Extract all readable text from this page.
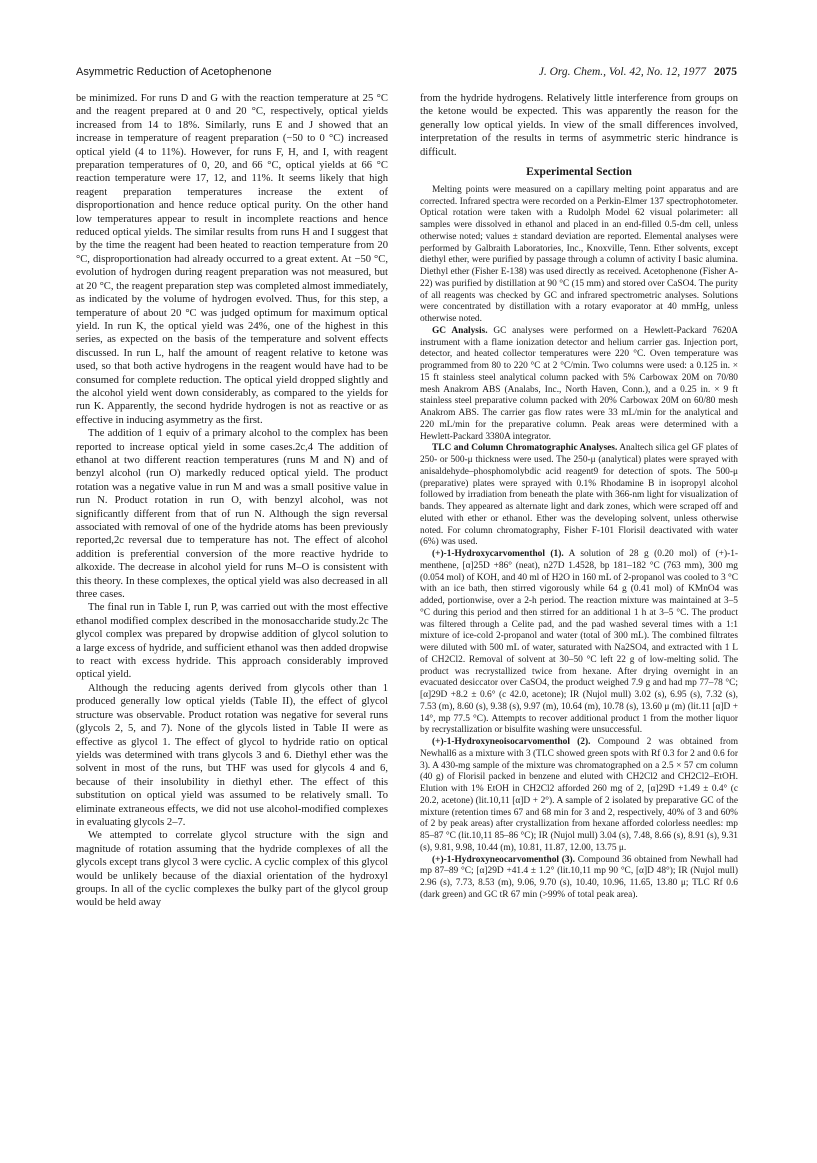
Asymmetric Reduction of Acetophenone	J. Org. Chem., Vol. 42, No. 12, 1977 2075

be minimized. For runs D and G with the reaction temperature at 25 °C and the reagent prepared at 0 and 20 °C, respectively, optical yields increased from 14 to 18%. Similarly, runs E and J showed that an increase in temperature of reagent preparation (−50 to 0 °C) increased optical yield (4 to 11%). However, for runs F, H, and I, with reagent preparation temperatures of 0, 20, and 66 °C, optical yields at 66 °C reaction temperature were 17, 12, and 11%. It seems likely that high reagent preparation temperatures increase the extent of disproportionation and hence reduce optical purity. On the other hand low temperatures appear to result in incomplete reactions and hence reduced optical yields. The similar results from runs H and I suggest that by the time the reagent had been heated to reaction temperature from 20 °C, disproportionation had already occurred to a great extent. At −50 °C, evolution of hydrogen during reagent preparation was not measured, but at 20 °C, the reagent preparation step was completed almost immediately, as indicated by the volume of hydrogen evolved. Thus, for this step, a temperature of about 20 °C was judged optimum for maximum optical yield. In run K, the optical yield was 24%, one of the highest in this series, as expected on the basis of the temperature and solvent effects discussed. In run L, half the amount of reagent relative to ketone was used, so that both active hydrogens in the reagent would have had to be consumed for complete reduction. The optical yield dropped slightly and the alcohol yield went down considerably, as compared to the yields for run K. Apparently, the second hydride hydrogen is not as reactive or as effective in inducing asymmetry as the first.

The addition of 1 equiv of a primary alcohol to the complex has been reported to increase optical yield in some cases.2c,4 The addition of ethanol at two different reaction temperatures (runs M and N) and of benzyl alcohol (run O) markedly reduced optical yield. The product rotation was a negative value in run M and was a small positive value in run N. Product rotation in run O, with benzyl alcohol, was not significantly different from that of run N. Although the sign reversal associated with removal of one of the hydride atoms has been previously reported,2c reversal due to temperature has not. The effect of alcohol addition is preferential conversion of the more reactive hydride to alkoxide. The decrease in alcohol yield for runs M–O is consistent with this theory. In these complexes, the optical yield was also decreased in all three cases.

The final run in Table I, run P, was carried out with the most effective ethanol modified complex described in the monosaccharide study.2c The glycol complex was prepared by dropwise addition of glycol solution to a large excess of hydride, and sufficient ethanol was then added dropwise to react with excess hydride. This approach considerably improved optical yield.

Although the reducing agents derived from glycols other than 1 produced generally low optical yields (Table II), the effect of glycol structure was observable. Product rotation was negative for several runs (glycols 2, 5, and 7). None of the glycols listed in Table II were as effective as glycol 1. The effect of glycol to hydride ratio on optical yields was determined with trans glycols 3 and 6. Diethyl ether was the solvent in most of the runs, but THF was used for glycols 4 and 6, because of their insolubility in diethyl ether. The effect of this substitution on optical yield was assumed to be relatively small. To eliminate extraneous effects, we did not use alcohol-modified complexes in evaluating glycols 2–7.

We attempted to correlate glycol structure with the sign and magnitude of rotation assuming that the hydride complexes of all the glycols except trans glycol 3 were cyclic. A cyclic complex of this glycol would be unlikely because of the diaxial orientation of the hydroxyl groups. In all of the cyclic complexes the bulky part of the glycol group would be held away

from the hydride hydrogens. Relatively little interference from groups on the ketone would be expected. This was apparently the reason for the generally low optical yields. In view of the small differences involved, interpretation of the results in terms of asymmetric steric hindrance is difficult.

Experimental Section

Melting points were measured on a capillary melting point apparatus and are corrected. Infrared spectra were recorded on a Perkin-Elmer 137 spectrophotometer. Optical rotation were taken with a Rudolph Model 62 visual polarimeter: all samples were dissolved in ethanol and placed in an end-filled 0.5-dm cell, unless otherwise noted; values ± standard deviation are reported. Elemental analyses were performed by Galbraith Laboratories, Inc., Knoxville, Tenn. Ether solvents, except diethyl ether, were purified by passage through a column of activity I basic alumina. Diethyl ether (Fisher E-138) was used directly as received. Acetophenone (Fisher A-22) was purified by distillation at 90 °C (15 mm) and stored over CaSO4. The purity of all reagents was checked by GC and infrared spectrometric analyses. Solutions were concentrated by distillation with a rotary evaporator at 40 mmHg, unless otherwise noted.

GC Analysis. GC analyses were performed on a Hewlett-Packard 7620A instrument with a flame ionization detector and helium carrier gas. Injection port, detector, and heated collector temperatures were 220 °C. Oven temperature was programmed from 80 to 220 °C at 2 °C/min. Two columns were used: a 0.125 in. × 15 ft stainless steel analytical column packed with 5% Carbowax 20M on 70/80 mesh Anakrom ABS (Analabs, Inc., North Haven, Conn.), and a 0.25 in. × 9 ft stainless steel preparative column packed with 20% Carbowax 20M on 60/80 mesh Anakrom ABS. The carrier gas flow rates were 33 mL/min for the analytical and 220 mL/min for the preparative column. Peak areas were determined with a Hewlett-Packard 3380A integrator.

TLC and Column Chromatographic Analyses. Analtech silica gel GF plates of 250- or 500-μ thickness were used. The 250-μ (analytical) plates were sprayed with anisaldehyde–phosphomolybdic acid reagent9 for detection of spots. The 500-μ (preparative) plates were sprayed with 0.1% Rhodamine B in isopropyl alcohol followed by irradiation from beneath the plate with 366-nm light for visualization of bands. They appeared as alternate light and dark zones, which were scraped off and eluted with ether or ethanol. Ether was the developing solvent, unless otherwise noted. For column chromatography, Fisher F-101 Florisil deactivated with water (6%) was used.

(+)-1-Hydroxycarvomenthol (1). A solution of 28 g (0.20 mol) of (+)-1-menthene, [α]25D +86° (neat), n27D 1.4528, bp 181–182 °C (763 mm), 300 mg (0.054 mol) of KOH, and 40 ml of H2O in 160 mL of 2-propanol was cooled to 3 °C with an ice bath, then stirred vigorously while 64 g (0.41 mol) of KMnO4 was added, portionwise, over a 2-h period. The reaction mixture was maintained at 3–5 °C during this period and then stirred for an additional 1 h at 3–5 °C. The product was filtered through a Celite pad, and the pad washed several times with a 1:1 mixture of ice-cold 2-propanol and water (total of 300 mL). The combined filtrates were diluted with 500 mL of water, saturated with Na2SO4, and extracted with 1 L of CH2Cl2. Removal of solvent at 30–50 °C left 22 g of low-melting solid. The product was recrystallized twice from hexane. After drying overnight in an evacuated desiccator over CaSO4, the product weighed 7.9 g and had mp 77–78 °C; [α]29D +8.2 ± 0.6° (c 42.0, acetone); IR (Nujol mull) 3.02 (s), 6.95 (s), 7.32 (s), 7.53 (m), 8.60 (s), 9.38 (s), 9.97 (m), 10.64 (m), 10.78 (s), 13.60 μ (m) (lit.11 [α]D + 14°, mp 77.5 °C). Attempts to recover additional product 1 from the mother liquor by recrystallization or bisulfite washing were unsuccessful.

(+)-1-Hydroxyneoisocarvomenthol (2). Compound 2 was obtained from Newhall6 as a mixture with 3 (TLC showed green spots with Rf 0.3 for 2 and 0.6 for 3). A 430-mg sample of the mixture was chromatographed on a 2.5 × 57 cm column (40 g) of Florisil packed in benzene and eluted with CH2Cl2 and CH2Cl2–EtOH. Elution with 1% EtOH in CH2Cl2 afforded 260 mg of 2, [α]29D +1.49 ± 0.4° (c 20.2, acetone) (lit.10,11 [α]D + 2°). A sample of 2 isolated by preparative GC of the mixture (retention times 67 and 68 min for 3 and 2, respectively, 40% of 3 and 60% of 2 by peak areas) after crystallization from hexane afforded colorless needles: mp 85–87 °C (lit.10,11 85–86 °C); IR (Nujol mull) 3.04 (s), 7.48, 8.66 (s), 8.91 (s), 9.31 (s), 9.81, 9.98, 10.44 (m), 10.81, 11.87, 12.00, 13.75 μ.

(+)-1-Hydroxyneocarvomenthol (3). Compound 36 obtained from Newhall had mp 87–89 °C; [α]29D +41.4 ± 1.2° (lit.10,11 mp 90 °C, [α]D 48°); IR (Nujol mull) 2.96 (s), 7.73, 8.53 (m), 9.06, 9.70 (s), 10.40, 10.96, 11.65, 13.80 μ; TLC Rf 0.6 (dark green) and GC tR 67 min (>99% of total peak area).
